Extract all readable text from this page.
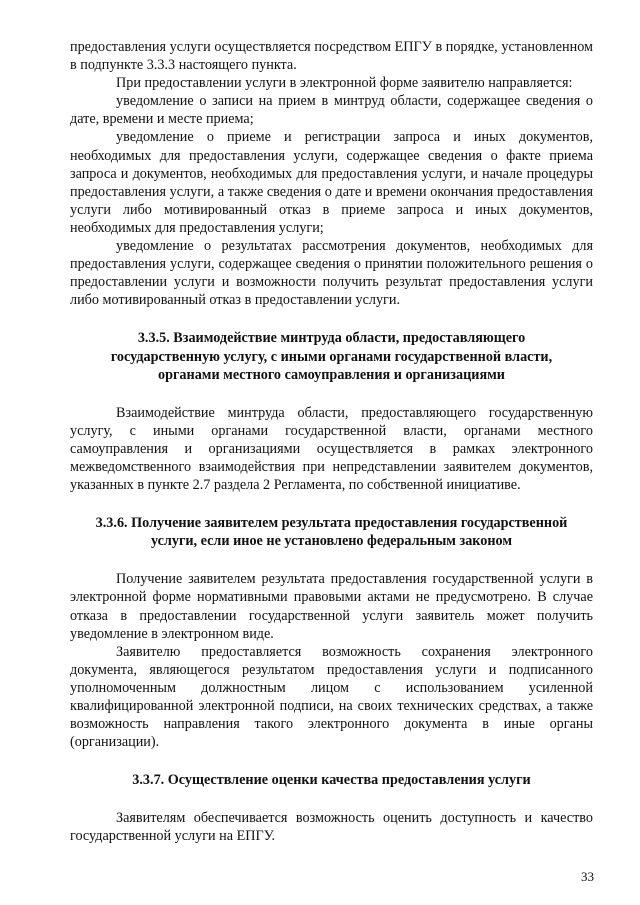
предоставления услуги осуществляется посредством ЕПГУ в порядке, установленном в подпункте 3.3.3 настоящего пункта.

При предоставлении услуги в электронной форме заявителю направляется:

уведомление о записи на прием в минтруд области, содержащее сведения о дате, времени и месте приема;

уведомление о приеме и регистрации запроса и иных документов, необходимых для предоставления услуги, содержащее сведения о факте приема запроса и документов, необходимых для предоставления услуги, и начале процедуры предоставления услуги, а также сведения о дате и времени окончания предоставления услуги либо мотивированный отказ в приеме запроса и иных документов, необходимых для предоставления услуги;

уведомление о результатах рассмотрения документов, необходимых для предоставления услуги, содержащее сведения о принятии положительного решения о предоставлении услуги и возможности получить результат предоставления услуги либо мотивированный отказ в предоставлении услуги.

3.3.5. Взаимодействие минтруда области, предоставляющего
государственную услугу, с иными органами государственной власти,
органами местного самоуправления и организациями

Взаимодействие минтруда области, предоставляющего государственную услугу, с иными органами государственной власти, органами местного самоуправления и организациями осуществляется в рамках электронного межведомственного взаимодействия при непредставлении заявителем документов, указанных в пункте 2.7 раздела 2 Регламента, по собственной инициативе.

3.3.6. Получение заявителем результата предоставления государственной
услуги, если иное не установлено федеральным законом

Получение заявителем результата предоставления государственной услуги в электронной форме нормативными правовыми актами не предусмотрено. В случае отказа в предоставлении государственной услуги заявитель может получить уведомление в электронном виде.

Заявителю предоставляется возможность сохранения электронного документа, являющегося результатом предоставления услуги и подписанного уполномоченным должностным лицом с использованием усиленной квалифицированной электронной подписи, на своих технических средствах, а также возможность направления такого электронного документа в иные органы (организации).

3.3.7. Осуществление оценки качества предоставления услуги

Заявителям обеспечивается возможность оценить доступность и качество государственной услуги на ЕПГУ.

33
